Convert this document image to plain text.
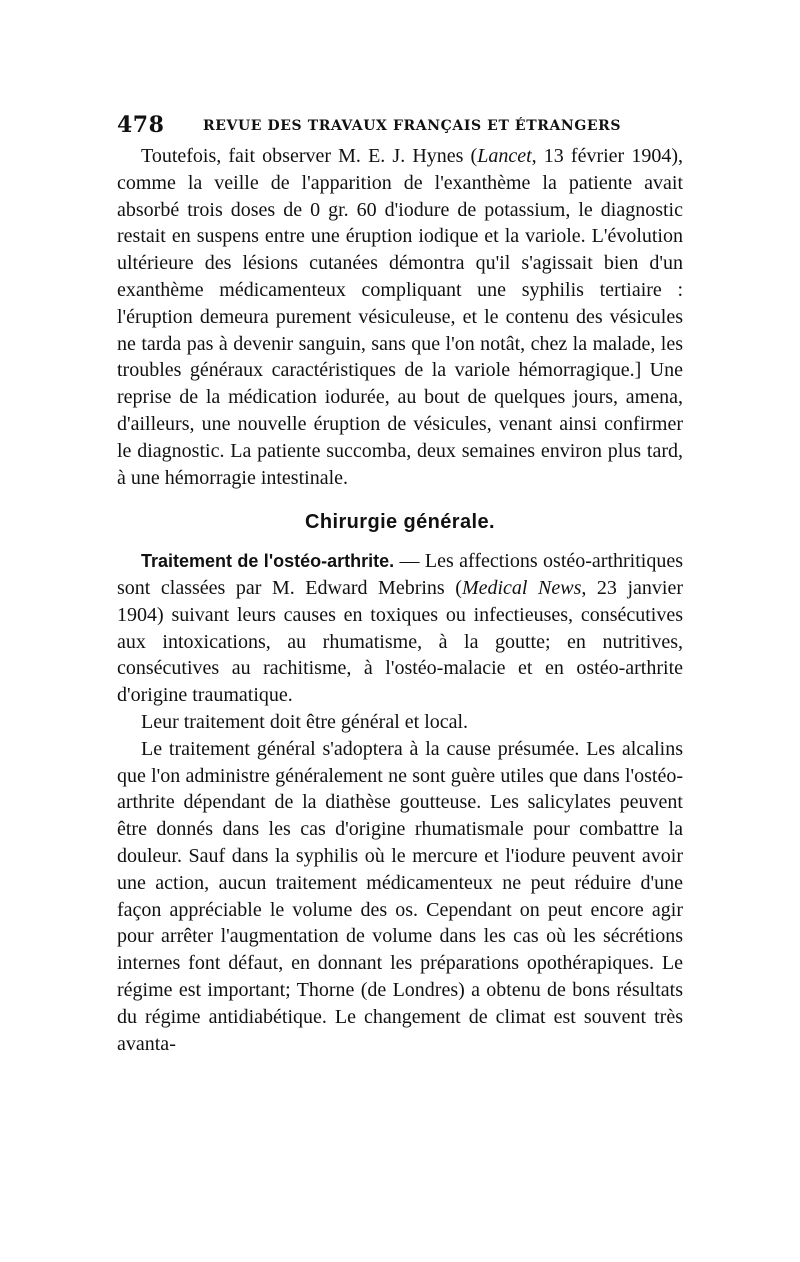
478	REVUE DES TRAVAUX FRANÇAIS ET ÉTRANGERS

Toutefois, fait observer M. E. J. Hynes (Lancet, 13 février 1904), comme la veille de l'apparition de l'exanthème la patiente avait absorbé trois doses de 0 gr. 60 d'iodure de potassium, le diagnostic restait en suspens entre une éruption iodique et la variole. L'évolution ultérieure des lésions cutanées démontra qu'il s'agissait bien d'un exanthème médicamenteux compliquant une syphilis tertiaire : l'éruption demeura purement vésiculeuse, et le contenu des vésicules ne tarda pas à devenir sanguin, sans que l'on notât, chez la malade, les troubles généraux caractéristiques de la variole hémorragique.] Une reprise de la médication iodurée, au bout de quelques jours, amena, d'ailleurs, une nouvelle éruption de vésicules, venant ainsi confirmer le diagnostic. La patiente succomba, deux semaines environ plus tard, à une hémorragie intestinale.

Chirurgie générale.

Traitement de l'ostéo-arthrite. — Les affections ostéo-arthritiques sont classées par M. Edward Mebrins (Medical News, 23 janvier 1904) suivant leurs causes en toxiques ou infectieuses, consécutives aux intoxications, au rhumatisme, à la goutte; en nutritives, consécutives au rachitisme, à l'ostéo-malacie et en ostéo-arthrite d'origine traumatique.

Leur traitement doit être général et local.

Le traitement général s'adoptera à la cause présumée. Les alcalins que l'on administre généralement ne sont guère utiles que dans l'ostéo-arthrite dépendant de la diathèse goutteuse. Les salicylates peuvent être donnés dans les cas d'origine rhumatismale pour combattre la douleur. Sauf dans la syphilis où le mercure et l'iodure peuvent avoir une action, aucun traitement médicamenteux ne peut réduire d'une façon appréciable le volume des os. Cependant on peut encore agir pour arrêter l'augmentation de volume dans les cas où les sécrétions internes font défaut, en donnant les préparations opothérapiques. Le régime est important; Thorne (de Londres) a obtenu de bons résultats du régime antidiabétique. Le changement de climat est souvent très avanta-
